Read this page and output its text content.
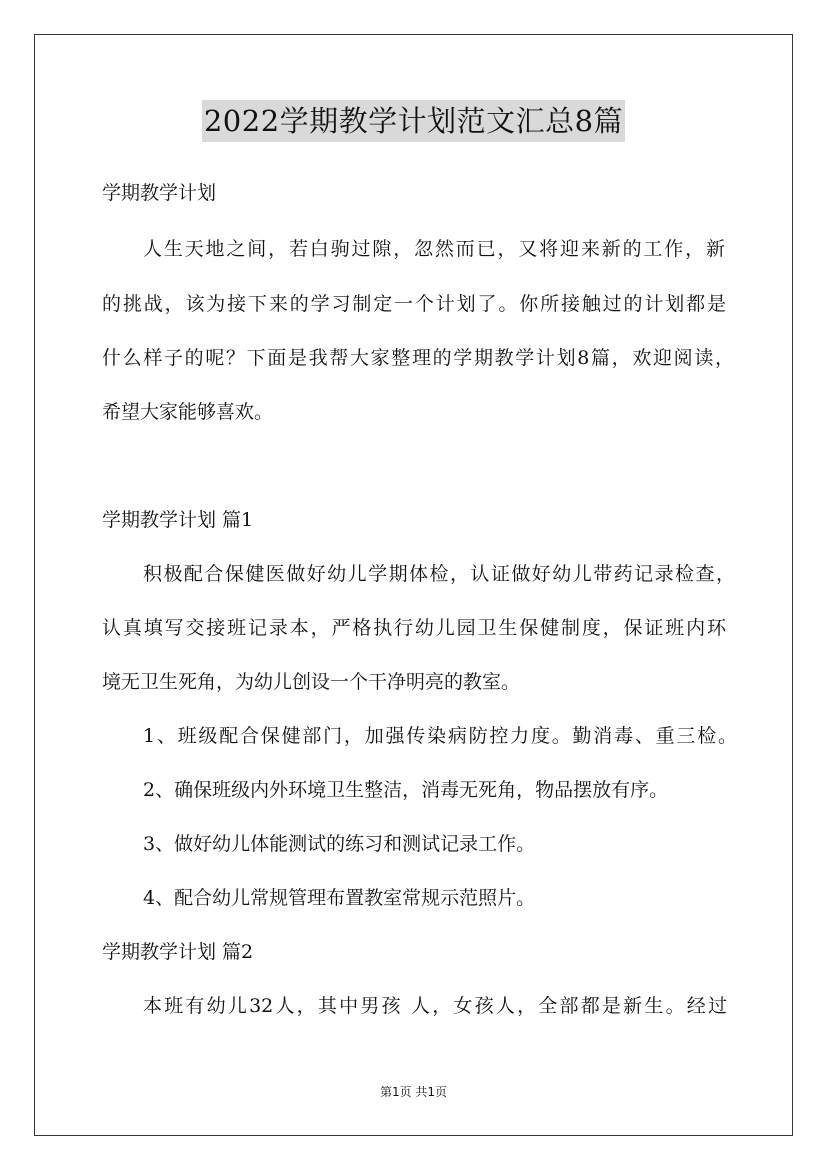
2022学期教学计划范文汇总8篇
学期教学计划
人生天地之间，若白驹过隙，忽然而已，又将迎来新的工作，新
的挑战，该为接下来的学习制定一个计划了。你所接触过的计划都是
什么样子的呢？下面是我帮大家整理的学期教学计划8篇，欢迎阅读，
希望大家能够喜欢。
学期教学计划 篇1
积极配合保健医做好幼儿学期体检，认证做好幼儿带药记录检查，
认真填写交接班记录本，严格执行幼儿园卫生保健制度，保证班内环
境无卫生死角，为幼儿创设一个干净明亮的教室。
1、班级配合保健部门，加强传染病防控力度。勤消毒、重三检。
2、确保班级内外环境卫生整洁，消毒无死角，物品摆放有序。
3、做好幼儿体能测试的练习和测试记录工作。
4、配合幼儿常规管理布置教室常规示范照片。
学期教学计划 篇2
本班有幼儿32人，其中男孩 人，女孩人，全部都是新生。经过
第1页 共1页
